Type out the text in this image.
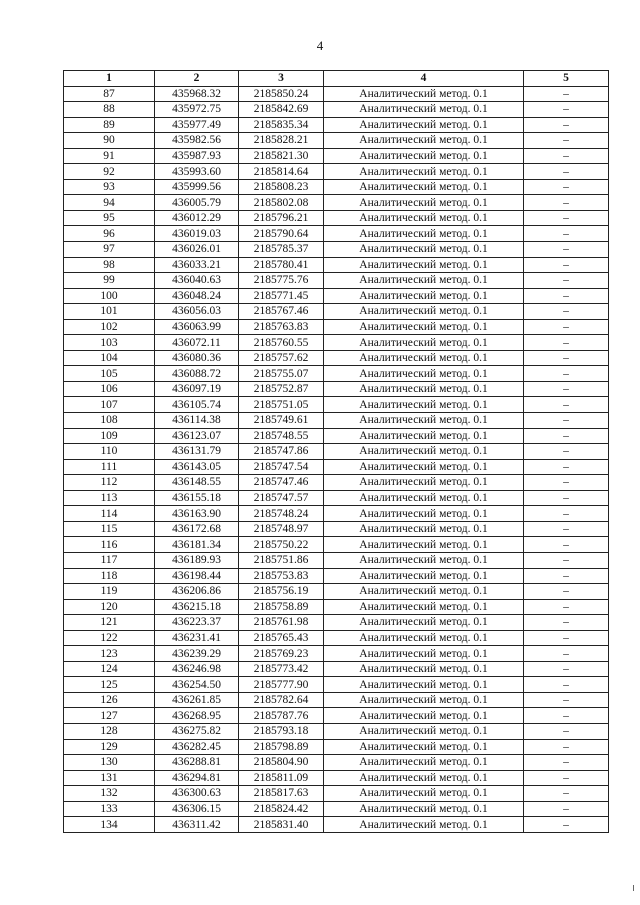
4
1	2	3	4	5
87	435968.32	2185850.24	Аналитический метод. 0.1	–
88	435972.75	2185842.69	Аналитический метод. 0.1	–
89	435977.49	2185835.34	Аналитический метод. 0.1	–
90	435982.56	2185828.21	Аналитический метод. 0.1	–
91	435987.93	2185821.30	Аналитический метод. 0.1	–
92	435993.60	2185814.64	Аналитический метод. 0.1	–
93	435999.56	2185808.23	Аналитический метод. 0.1	–
94	436005.79	2185802.08	Аналитический метод. 0.1	–
95	436012.29	2185796.21	Аналитический метод. 0.1	–
96	436019.03	2185790.64	Аналитический метод. 0.1	–
97	436026.01	2185785.37	Аналитический метод. 0.1	–
98	436033.21	2185780.41	Аналитический метод. 0.1	–
99	436040.63	2185775.76	Аналитический метод. 0.1	–
100	436048.24	2185771.45	Аналитический метод. 0.1	–
101	436056.03	2185767.46	Аналитический метод. 0.1	–
102	436063.99	2185763.83	Аналитический метод. 0.1	–
103	436072.11	2185760.55	Аналитический метод. 0.1	–
104	436080.36	2185757.62	Аналитический метод. 0.1	–
105	436088.72	2185755.07	Аналитический метод. 0.1	–
106	436097.19	2185752.87	Аналитический метод. 0.1	–
107	436105.74	2185751.05	Аналитический метод. 0.1	–
108	436114.38	2185749.61	Аналитический метод. 0.1	–
109	436123.07	2185748.55	Аналитический метод. 0.1	–
110	436131.79	2185747.86	Аналитический метод. 0.1	–
111	436143.05	2185747.54	Аналитический метод. 0.1	–
112	436148.55	2185747.46	Аналитический метод. 0.1	–
113	436155.18	2185747.57	Аналитический метод. 0.1	–
114	436163.90	2185748.24	Аналитический метод. 0.1	–
115	436172.68	2185748.97	Аналитический метод. 0.1	–
116	436181.34	2185750.22	Аналитический метод. 0.1	–
117	436189.93	2185751.86	Аналитический метод. 0.1	–
118	436198.44	2185753.83	Аналитический метод. 0.1	–
119	436206.86	2185756.19	Аналитический метод. 0.1	–
120	436215.18	2185758.89	Аналитический метод. 0.1	–
121	436223.37	2185761.98	Аналитический метод. 0.1	–
122	436231.41	2185765.43	Аналитический метод. 0.1	–
123	436239.29	2185769.23	Аналитический метод. 0.1	–
124	436246.98	2185773.42	Аналитический метод. 0.1	–
125	436254.50	2185777.90	Аналитический метод. 0.1	–
126	436261.85	2185782.64	Аналитический метод. 0.1	–
127	436268.95	2185787.76	Аналитический метод. 0.1	–
128	436275.82	2185793.18	Аналитический метод. 0.1	–
129	436282.45	2185798.89	Аналитический метод. 0.1	–
130	436288.81	2185804.90	Аналитический метод. 0.1	–
131	436294.81	2185811.09	Аналитический метод. 0.1	–
132	436300.63	2185817.63	Аналитический метод. 0.1	–
133	436306.15	2185824.42	Аналитический метод. 0.1	–
134	436311.42	2185831.40	Аналитический метод. 0.1	–
